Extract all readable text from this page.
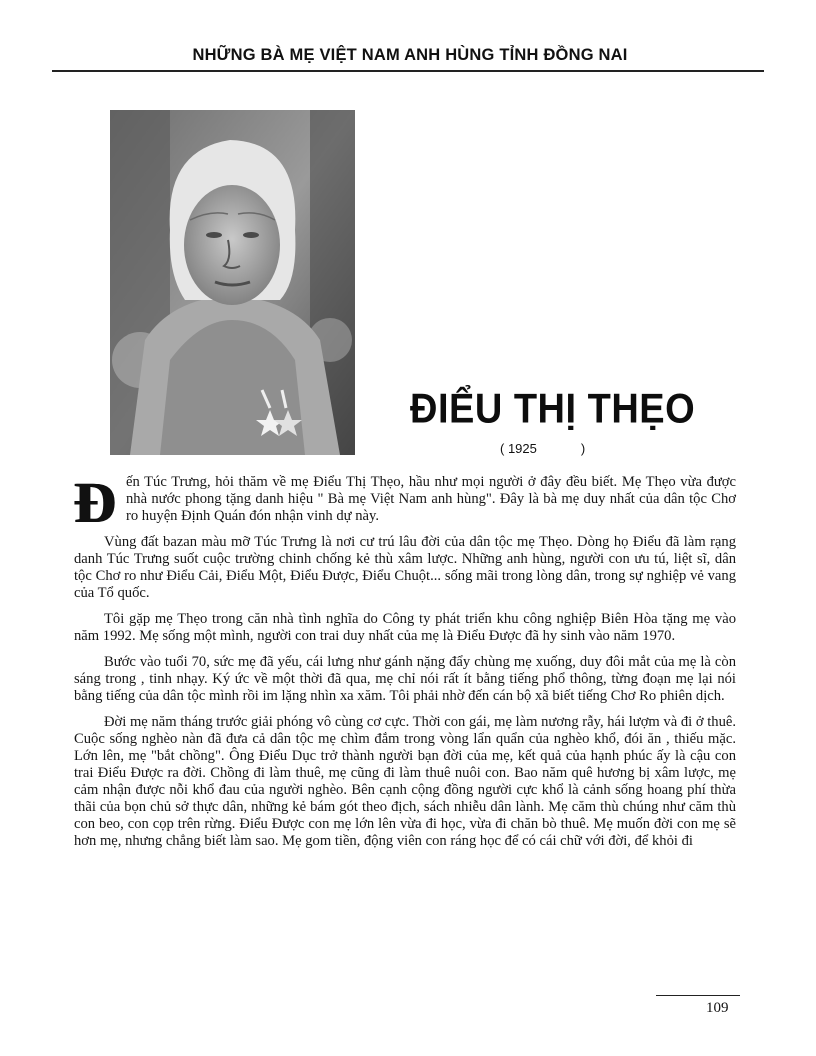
NHỮNG BÀ MẸ VIỆT NAM ANH HÙNG TỈNH ĐỒNG NAI
ĐIỂU THỊ THẸO
( 1925	)

Đến Túc Trưng, hỏi thăm về mẹ Điểu Thị Thẹo, hầu như mọi người ở đây đều biết. Mẹ Thẹo vừa được nhà nước phong tặng danh hiệu " Bà mẹ Việt Nam anh hùng". Đây là bà mẹ duy nhất của dân tộc Chơ ro huyện Định Quán đón nhận vinh dự này.

Vùng đất bazan màu mỡ Túc Trưng là nơi cư trú lâu đời của dân tộc mẹ Thẹo. Dòng họ Điểu đã làm rạng danh Túc Trưng suốt cuộc trường chinh chống kẻ thù xâm lược. Những anh hùng, người con ưu tú, liệt sĩ, dân tộc Chơ ro như Điểu Cải, Điểu Một, Điểu Được, Điểu Chuột... sống mãi trong lòng dân, trong sự nghiệp vẻ vang của Tổ quốc.

Tôi gặp mẹ Thẹo trong căn nhà tình nghĩa do Công ty phát triển khu công nghiệp Biên Hòa tặng mẹ vào năm 1992. Mẹ sống một mình, người con trai duy nhất của mẹ là Điểu Được đã hy sinh vào năm 1970.

Bước vào tuổi 70, sức mẹ đã yếu, cái lưng như gánh nặng đẩy chùng mẹ xuống, duy đôi mắt của mẹ là còn sáng trong , tinh nhạy. Ký ức về một thời đã qua, mẹ chỉ nói rất ít bằng tiếng phổ thông, từng đoạn mẹ lại nói bằng tiếng của dân tộc mình rồi im lặng nhìn xa xăm. Tôi phải nhờ đến cán bộ xã biết tiếng Chơ Ro phiên dịch.

Đời mẹ năm tháng trước giải phóng vô cùng cơ cực. Thời con gái, mẹ làm nương rẫy, hái lượm và đi ở thuê. Cuộc sống nghèo nàn đã đưa cả dân tộc mẹ chìm đắm trong vòng lẩn quẩn của nghèo khổ, đói ăn , thiếu mặc. Lớn lên, mẹ "bắt chồng". Ông Điểu Dục trở thành người bạn đời của mẹ, kết quả của hạnh phúc ấy là cậu con trai Điểu Được ra đời. Chồng đi làm thuê, mẹ cũng đi làm thuê nuôi con. Bao năm quê hương bị xâm lược, mẹ cảm nhận được nỗi khổ đau của người nghèo. Bên cạnh cộng đồng người cực khổ là cảnh sống hoang phí thừa thãi của bọn chủ sở thực dân, những kẻ bám gót theo địch, sách nhiễu dân lành. Mẹ căm thù chúng như căm thù con beo, con cọp trên rừng. Điểu Được con mẹ lớn lên vừa đi học, vừa đi chăn bò thuê. Mẹ muốn đời con mẹ sẽ hơn mẹ, nhưng chẳng biết làm sao. Mẹ gom tiền, động viên con ráng học để có cái chữ với đời, để khỏi đi

109
